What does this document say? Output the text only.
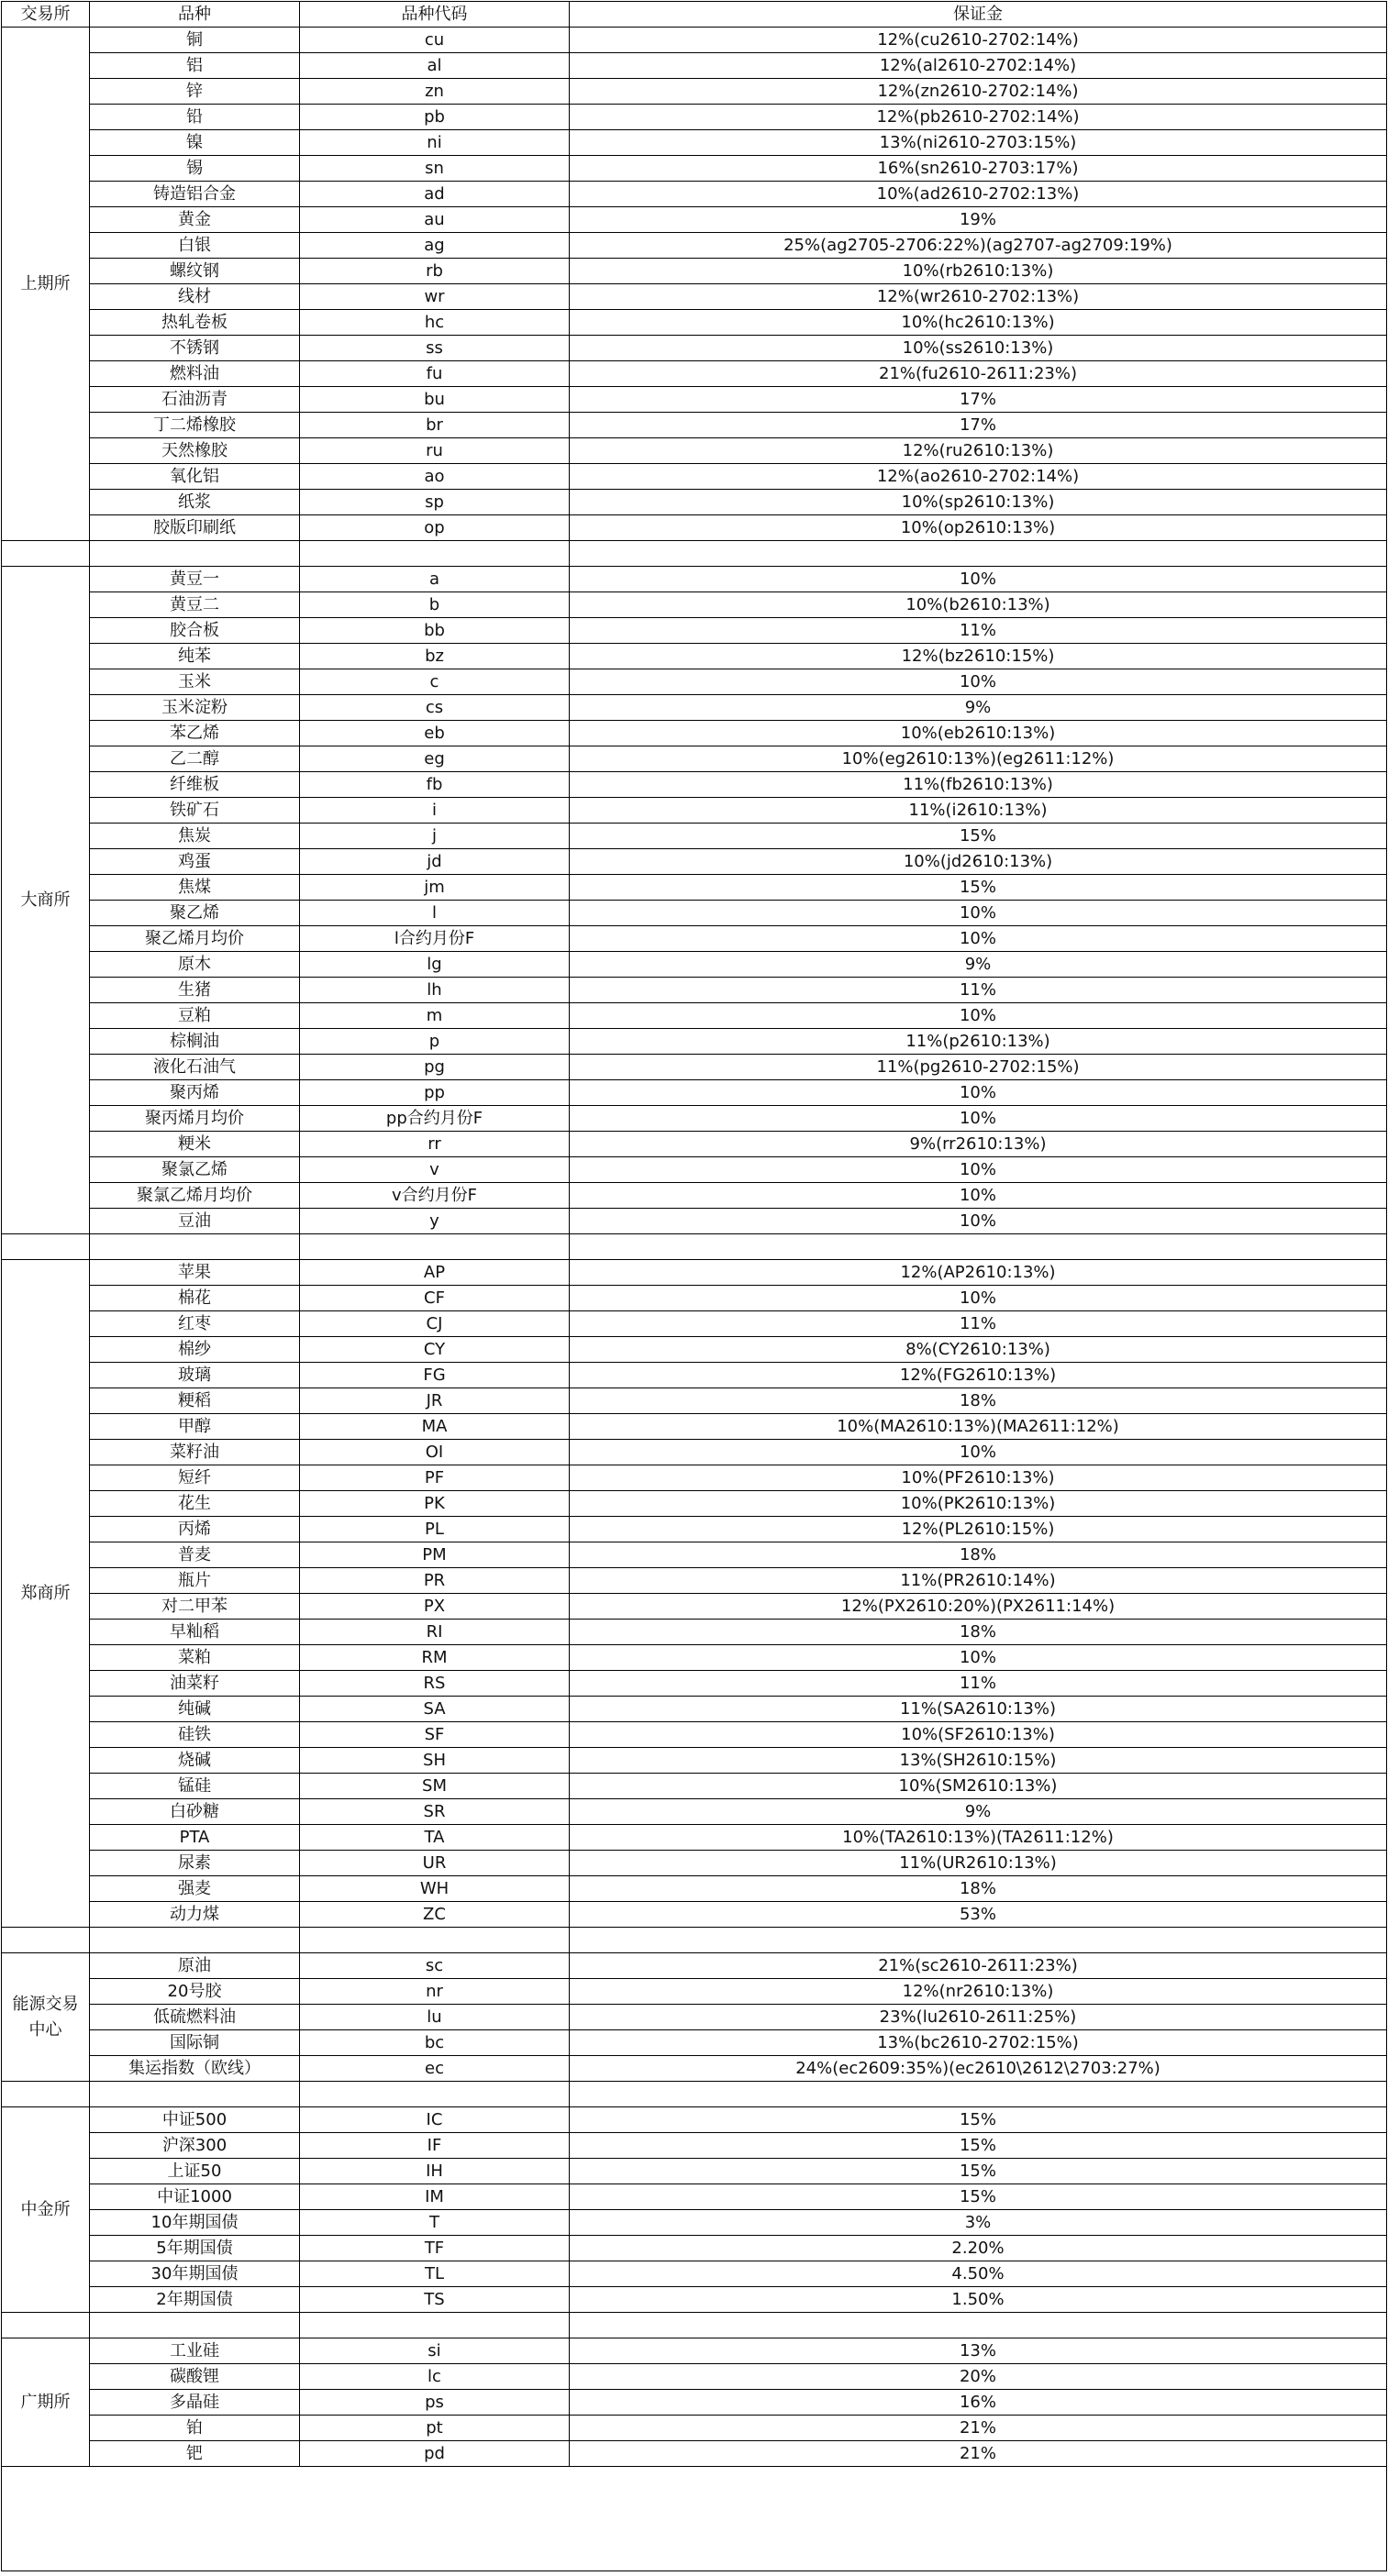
交易所	品种	品种代码	保证金
上期所	铜	cu	12%(cu2610-2702:14%)
	铝	al	12%(al2610-2702:14%)
	锌	zn	12%(zn2610-2702:14%)
	铅	pb	12%(pb2610-2702:14%)
	镍	ni	13%(ni2610-2703:15%)
	锡	sn	16%(sn2610-2703:17%)
	铸造铝合金	ad	10%(ad2610-2702:13%)
	黄金	au	19%
	白银	ag	25%(ag2705-2706:22%)(ag2707-ag2709:19%)
	螺纹钢	rb	10%(rb2610:13%)
	线材	wr	12%(wr2610-2702:13%)
	热轧卷板	hc	10%(hc2610:13%)
	不锈钢	ss	10%(ss2610:13%)
	燃料油	fu	21%(fu2610-2611:23%)
	石油沥青	bu	17%
	丁二烯橡胶	br	17%
	天然橡胶	ru	12%(ru2610:13%)
	氧化铝	ao	12%(ao2610-2702:14%)
	纸浆	sp	10%(sp2610:13%)
	胶版印刷纸	op	10%(op2610:13%)

大商所	黄豆一	a	10%
	黄豆二	b	10%(b2610:13%)
	胶合板	bb	11%
	纯苯	bz	12%(bz2610:15%)
	玉米	c	10%
	玉米淀粉	cs	9%
	苯乙烯	eb	10%(eb2610:13%)
	乙二醇	eg	10%(eg2610:13%)(eg2611:12%)
	纤维板	fb	11%(fb2610:13%)
	铁矿石	i	11%(i2610:13%)
	焦炭	j	15%
	鸡蛋	jd	10%(jd2610:13%)
	焦煤	jm	15%
	聚乙烯	l	10%
	聚乙烯月均价	l合约月份F	10%
	原木	lg	9%
	生猪	lh	11%
	豆粕	m	10%
	棕榈油	p	11%(p2610:13%)
	液化石油气	pg	11%(pg2610-2702:15%)
	聚丙烯	pp	10%
	聚丙烯月均价	pp合约月份F	10%
	粳米	rr	9%(rr2610:13%)
	聚氯乙烯	v	10%
	聚氯乙烯月均价	v合约月份F	10%
	豆油	y	10%

郑商所	苹果	AP	12%(AP2610:13%)
	棉花	CF	10%
	红枣	CJ	11%
	棉纱	CY	8%(CY2610:13%)
	玻璃	FG	12%(FG2610:13%)
	粳稻	JR	18%
	甲醇	MA	10%(MA2610:13%)(MA2611:12%)
	菜籽油	OI	10%
	短纤	PF	10%(PF2610:13%)
	花生	PK	10%(PK2610:13%)
	丙烯	PL	12%(PL2610:15%)
	普麦	PM	18%
	瓶片	PR	11%(PR2610:14%)
	对二甲苯	PX	12%(PX2610:20%)(PX2611:14%)
	早籼稻	RI	18%
	菜粕	RM	10%
	油菜籽	RS	11%
	纯碱	SA	11%(SA2610:13%)
	硅铁	SF	10%(SF2610:13%)
	烧碱	SH	13%(SH2610:15%)
	锰硅	SM	10%(SM2610:13%)
	白砂糖	SR	9%
	PTA	TA	10%(TA2610:13%)(TA2611:12%)
	尿素	UR	11%(UR2610:13%)
	强麦	WH	18%
	动力煤	ZC	53%

能源交易中心	原油	sc	21%(sc2610-2611:23%)
	20号胶	nr	12%(nr2610:13%)
	低硫燃料油	lu	23%(lu2610-2611:25%)
	国际铜	bc	13%(bc2610-2702:15%)
	集运指数（欧线）	ec	24%(ec2609:35%)(ec2610\2612\2703:27%)

中金所	中证500	IC	15%
	沪深300	IF	15%
	上证50	IH	15%
	中证1000	IM	15%
	10年期国债	T	3%
	5年期国债	TF	2.20%
	30年期国债	TL	4.50%
	2年期国债	TS	1.50%

广期所	工业硅	si	13%
	碳酸锂	lc	20%
	多晶硅	ps	16%
	铂	pt	21%
	钯	pd	21%
